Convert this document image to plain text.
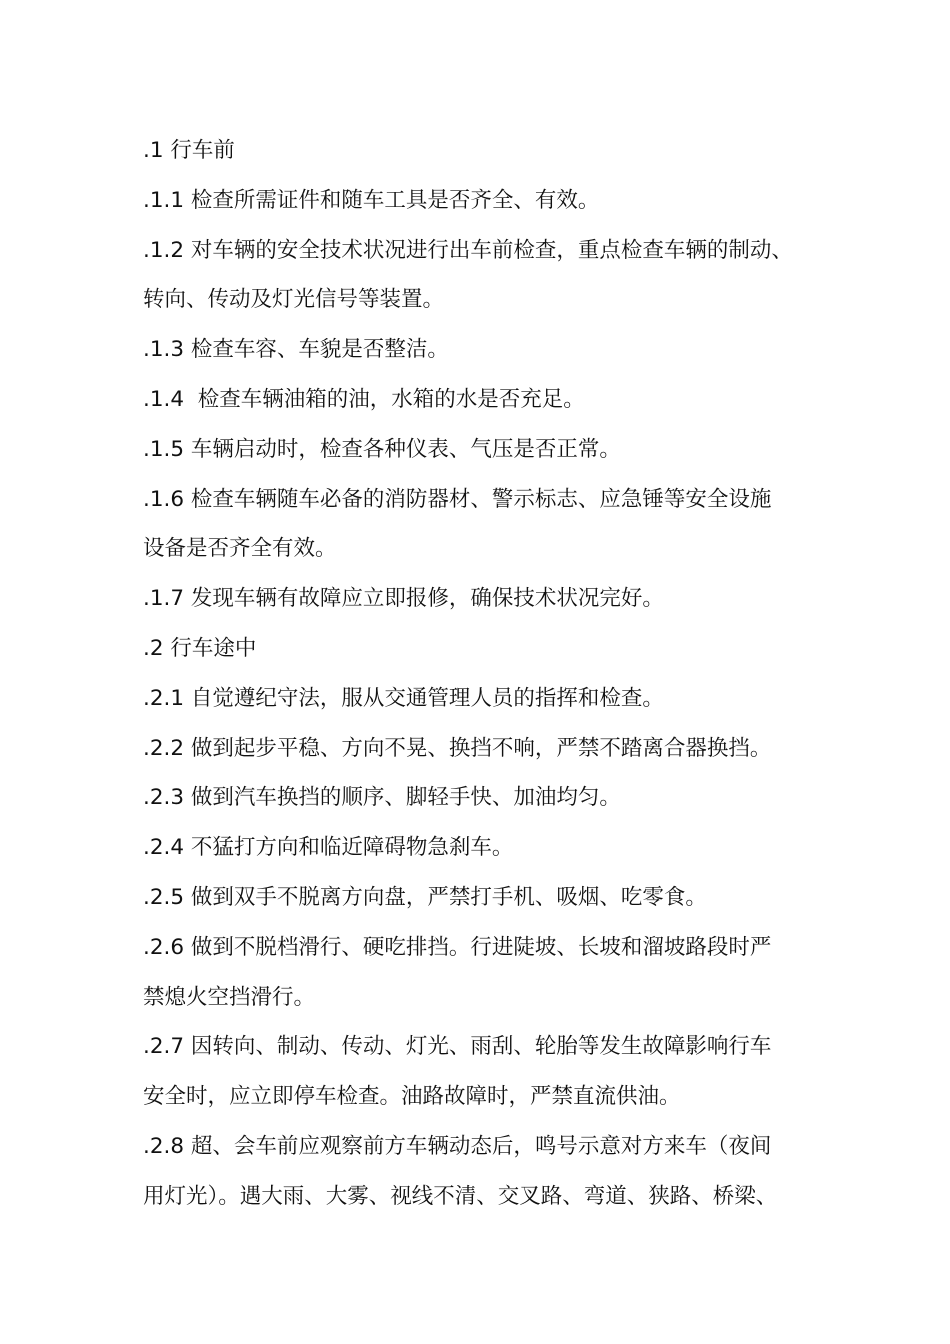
.1 行车前
.1.1 检查所需证件和随车工具是否齐全、有效。
.1.2 对车辆的安全技术状况进行出车前检查，重点检查车辆的制动、
转向、传动及灯光信号等装置。
.1.3 检查车容、车貌是否整洁。
.1.4  检查车辆油箱的油，水箱的水是否充足。
.1.5 车辆启动时，检查各种仪表、气压是否正常。
.1.6 检查车辆随车必备的消防器材、警示标志、应急锤等安全设施
设备是否齐全有效。
.1.7 发现车辆有故障应立即报修，确保技术状况完好。
.2 行车途中
.2.1 自觉遵纪守法，服从交通管理人员的指挥和检查。
.2.2 做到起步平稳、方向不晃、换挡不响，严禁不踏离合器换挡。
.2.3 做到汽车换挡的顺序、脚轻手快、加油均匀。
.2.4 不猛打方向和临近障碍物急刹车。
.2.5 做到双手不脱离方向盘，严禁打手机、吸烟、吃零食。
.2.6 做到不脱档滑行、硬吃排挡。行进陡坡、长坡和溜坡路段时严
禁熄火空挡滑行。
.2.7 因转向、制动、传动、灯光、雨刮、轮胎等发生故障影响行车
安全时，应立即停车检查。油路故障时，严禁直流供油。
.2.8 超、会车前应观察前方车辆动态后，鸣号示意对方来车（夜间
用灯光）。遇大雨、大雾、视线不清、交叉路、弯道、狭路、桥梁、
